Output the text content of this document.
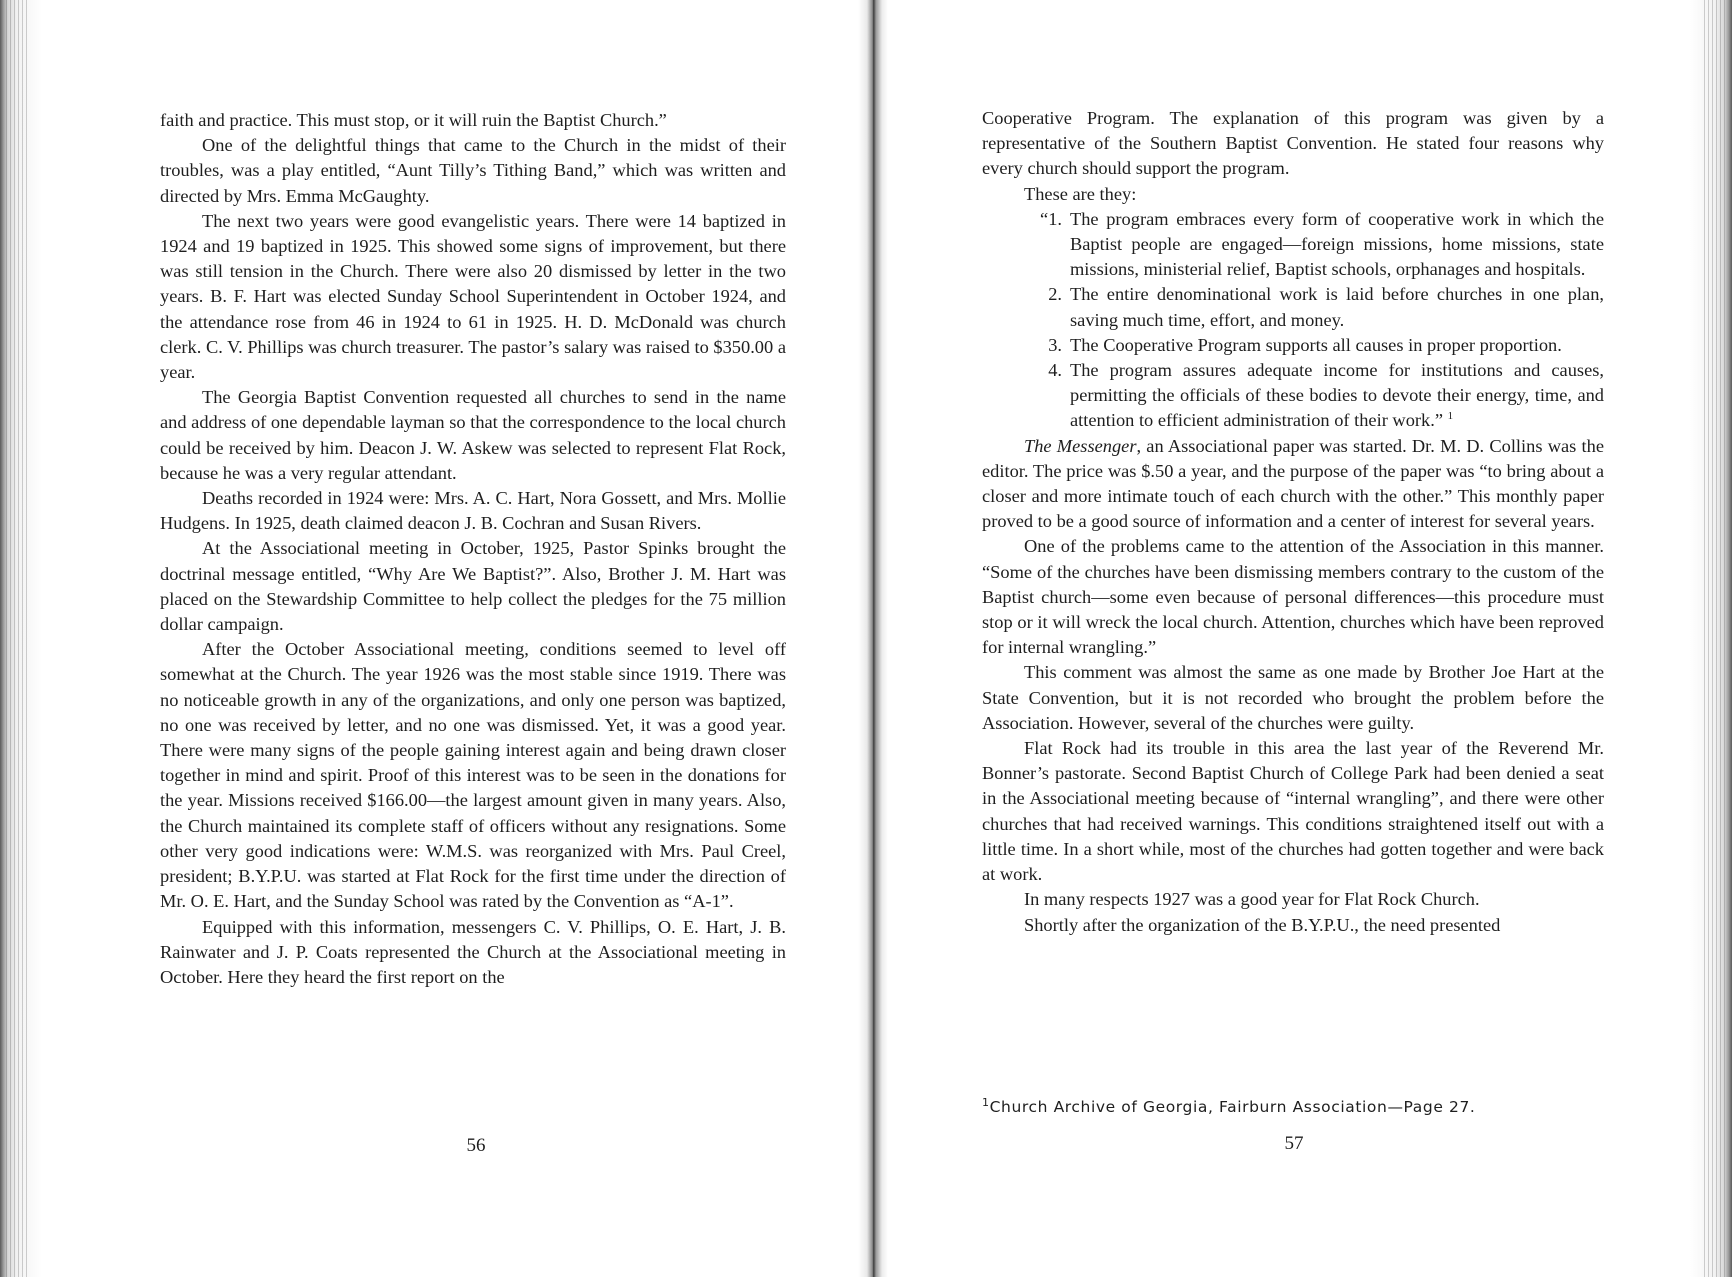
faith and practice. This must stop, or it will ruin the Baptist Church.”

One of the delightful things that came to the Church in the midst of their troubles, was a play entitled, “Aunt Tilly’s Tithing Band,” which was written and directed by Mrs. Emma McGaughty.

The next two years were good evangelistic years. There were 14 baptized in 1924 and 19 baptized in 1925. This showed some signs of improvement, but there was still tension in the Church. There were also 20 dismissed by letter in the two years. B. F. Hart was elected Sunday School Superintendent in October 1924, and the attendance rose from 46 in 1924 to 61 in 1925. H. D. McDonald was church clerk. C. V. Phillips was church treasurer. The pastor’s salary was raised to $350.00 a year.

The Georgia Baptist Convention requested all churches to send in the name and address of one dependable layman so that the correspondence to the local church could be received by him. Deacon J. W. Askew was selected to represent Flat Rock, because he was a very regular attendant.

Deaths recorded in 1924 were: Mrs. A. C. Hart, Nora Gossett, and Mrs. Mollie Hudgens. In 1925, death claimed deacon J. B. Cochran and Susan Rivers.

At the Associational meeting in October, 1925, Pastor Spinks brought the doctrinal message entitled, “Why Are We Baptist?”. Also, Brother J. M. Hart was placed on the Stewardship Committee to help collect the pledges for the 75 million dollar campaign.

After the October Associational meeting, conditions seemed to level off somewhat at the Church. The year 1926 was the most stable since 1919. There was no noticeable growth in any of the organizations, and only one person was baptized, no one was received by letter, and no one was dismissed. Yet, it was a good year. There were many signs of the people gaining interest again and being drawn closer together in mind and spirit. Proof of this interest was to be seen in the donations for the year. Missions received $166.00—the largest amount given in many years. Also, the Church maintained its complete staff of officers without any resignations. Some other very good indications were: W.M.S. was reorganized with Mrs. Paul Creel, president; B.Y.P.U. was started at Flat Rock for the first time under the direction of Mr. O. E. Hart, and the Sunday School was rated by the Convention as “A-1”.

Equipped with this information, messengers C. V. Phillips, O. E. Hart, J. B. Rainwater and J. P. Coats represented the Church at the Associational meeting in October. Here they heard the first report on the

56

Cooperative Program. The explanation of this program was given by a representative of the Southern Baptist Convention. He stated four reasons why every church should support the program.

These are they:

“1. The program embraces every form of cooperative work in which the Baptist people are engaged—foreign missions, home missions, state missions, ministerial relief, Baptist schools, orphanages and hospitals.
2. The entire denominational work is laid before churches in one plan, saving much time, effort, and money.
3. The Cooperative Program supports all causes in proper proportion.
4. The program assures adequate income for institutions and causes, permitting the officials of these bodies to devote their energy, time, and attention to efficient administration of their work.” $^1$

The Messenger, an Associational paper was started. Dr. M. D. Collins was the editor. The price was $.50 a year, and the purpose of the paper was “to bring about a closer and more intimate touch of each church with the other.” This monthly paper proved to be a good source of information and a center of interest for several years.

One of the problems came to the attention of the Association in this manner. “Some of the churches have been dismissing members contrary to the custom of the Baptist church—some even because of personal differences—this procedure must stop or it will wreck the local church. Attention, churches which have been reproved for internal wrangling.”

This comment was almost the same as one made by Brother Joe Hart at the State Convention, but it is not recorded who brought the problem before the Association. However, several of the churches were guilty.

Flat Rock had its trouble in this area the last year of the Reverend Mr. Bonner’s pastorate. Second Baptist Church of College Park had been denied a seat in the Associational meeting because of “internal wrangling”, and there were other churches that had received warnings. This conditions straightened itself out with a little time. In a short while, most of the churches had gotten together and were back at work.

In many respects 1927 was a good year for Flat Rock Church.

Shortly after the organization of the B.Y.P.U., the need presented

$^1$Church Archive of Georgia, Fairburn Association—Page 27.
57
